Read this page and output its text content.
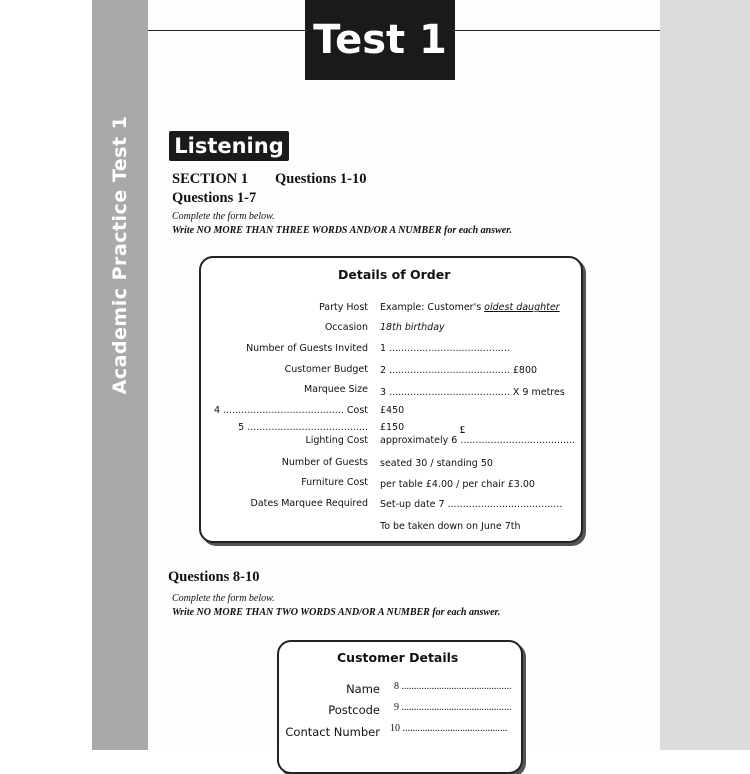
Academic Practice Test 1
Test 1
Listening
SECTION 1 Questions 1-10
Questions 1-7
Complete the form below.
Write NO MORE THAN THREE WORDS AND/OR A NUMBER for each answer.
Details of Order
Party Host Example: Customer's oldest daughter
Occasion 18th birthday
Number of Guests Invited 1 ........................................
Customer Budget 2 ........................................ £800
Marquee Size 3 ........................................ X 9 metres
4 ........................................ Cost £450
5 ........................................ £150
Lighting Cost approximately 6 ......................................
£
Number of Guests seated 30 / standing 50
Furniture Cost per table £4.00 / per chair £3.00
Dates Marquee Required Set-up date 7 ......................................
To be taken down on June 7th
Questions 8-10
Complete the form below.
Write NO MORE THAN TWO WORDS AND/OR A NUMBER for each answer.
Customer Details
Name 8 ............................................
Postcode 9 ............................................
Contact Number 10 ..........................................
